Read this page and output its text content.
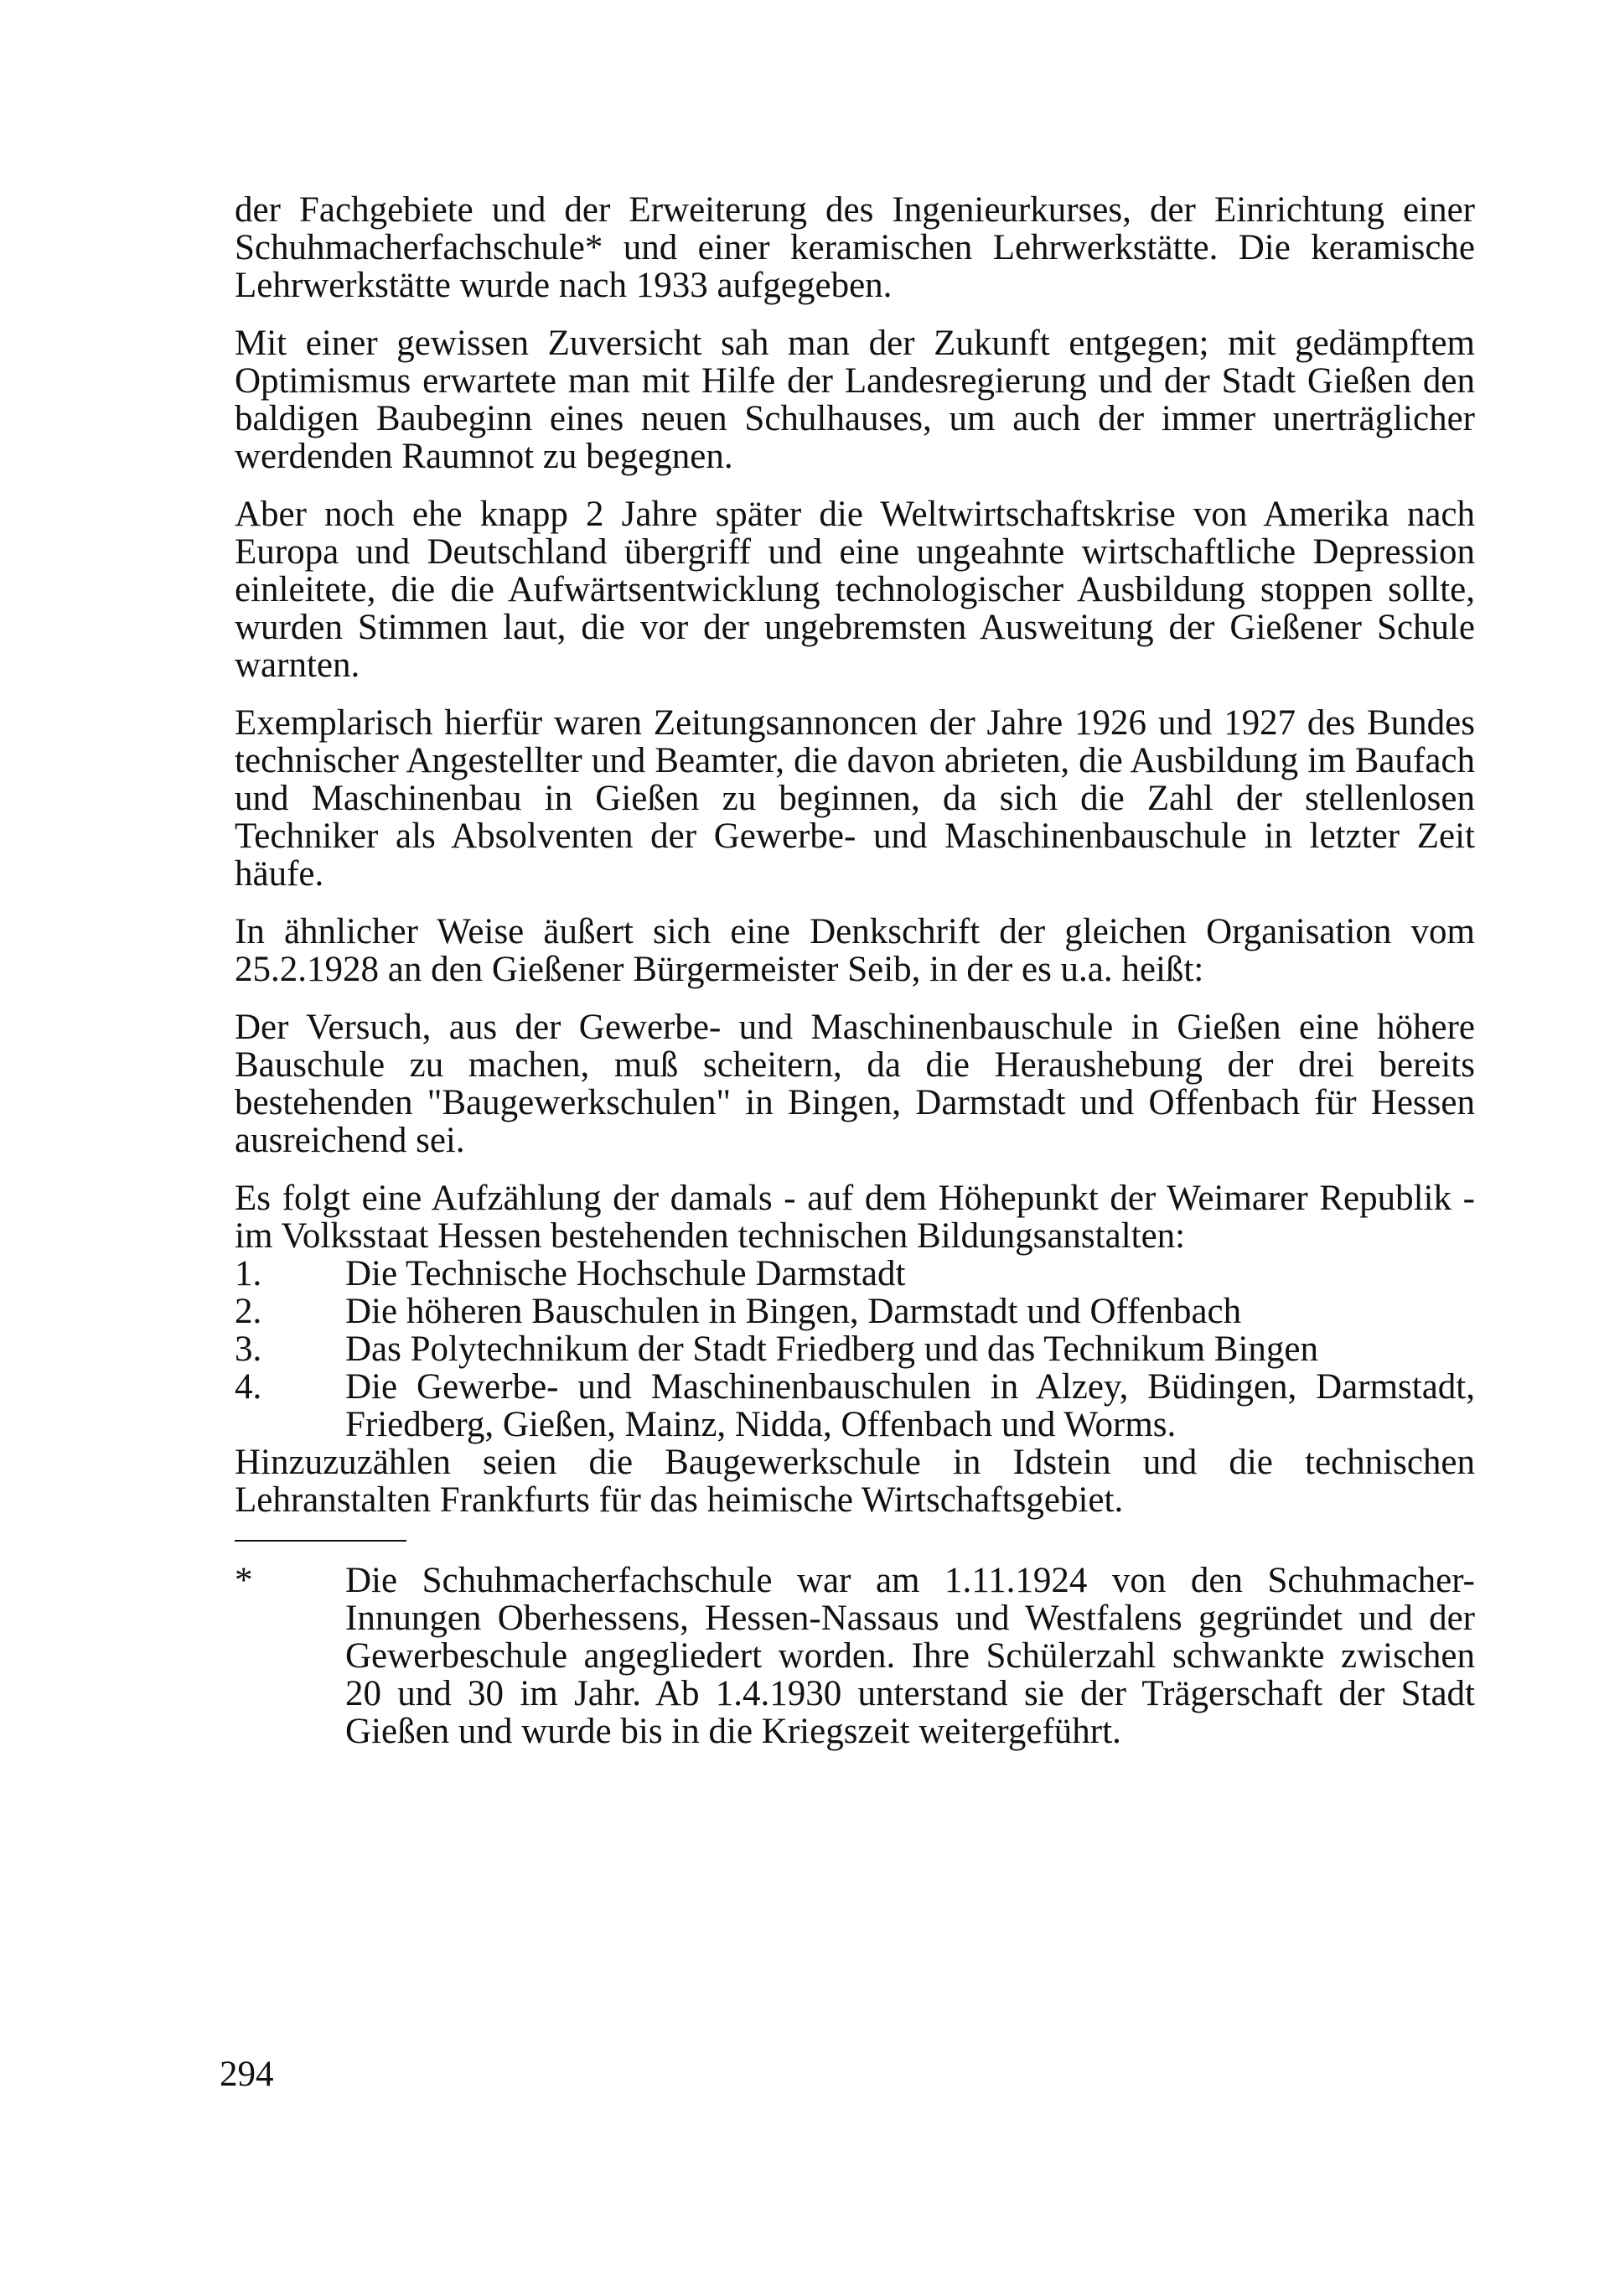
der Fachgebiete und der Erweiterung des Ingenieurkurses, der Einrichtung einer Schuhmacherfachschule* und einer keramischen Lehrwerkstätte. Die keramische Lehrwerkstätte wurde nach 1933 aufgegeben.

Mit einer gewissen Zuversicht sah man der Zukunft entgegen; mit gedämpftem Optimismus erwartete man mit Hilfe der Landesregierung und der Stadt Gießen den baldigen Baubeginn eines neuen Schulhauses, um auch der immer unerträglicher werdenden Raumnot zu begegnen.

Aber noch ehe knapp 2 Jahre später die Weltwirtschaftskrise von Amerika nach Europa und Deutschland übergriff und eine ungeahnte wirtschaftliche Depression einleitete, die die Aufwärtsentwicklung technologischer Ausbildung stoppen sollte, wurden Stimmen laut, die vor der ungebremsten Ausweitung der Gießener Schule warnten.

Exemplarisch hierfür waren Zeitungsannoncen der Jahre 1926 und 1927 des Bundes technischer Angestellter und Beamter, die davon abrieten, die Ausbildung im Baufach und Maschinenbau in Gießen zu beginnen, da sich die Zahl der stellenlosen Techniker als Absolventen der Gewerbe- und Maschinenbauschule in letzter Zeit häufe.

In ähnlicher Weise äußert sich eine Denkschrift der gleichen Organisation vom 25.2.1928 an den Gießener Bürgermeister Seib, in der es u.a. heißt:

Der Versuch, aus der Gewerbe- und Maschinenbauschule in Gießen eine höhere Bauschule zu machen, muß scheitern, da die Heraushebung der drei bereits bestehenden "Baugewerkschulen" in Bingen, Darmstadt und Offenbach für Hessen ausreichend sei.

Es folgt eine Aufzählung der damals - auf dem Höhepunkt der Weimarer Republik - im Volksstaat Hessen bestehenden technischen Bildungsanstalten:

1.	Die Technische Hochschule Darmstadt
2.	Die höheren Bauschulen in Bingen, Darmstadt und Offenbach
3.	Das Polytechnikum der Stadt Friedberg und das Technikum Bingen
4.	Die Gewerbe- und Maschinenbauschulen in Alzey, Büdingen, Darmstadt, Friedberg, Gießen, Mainz, Nidda, Offenbach und Worms.

Hinzuzuzählen seien die Baugewerkschule in Idstein und die technischen Lehranstalten Frankfurts für das heimische Wirtschaftsgebiet.

*	Die Schuhmacherfachschule war am 1.11.1924 von den Schuhmacher-Innungen Oberhessens, Hessen-Nassaus und Westfalens gegründet und der Gewerbeschule angegliedert worden. Ihre Schülerzahl schwankte zwischen 20 und 30 im Jahr. Ab 1.4.1930 unterstand sie der Trägerschaft der Stadt Gießen und wurde bis in die Kriegszeit weitergeführt.
294
